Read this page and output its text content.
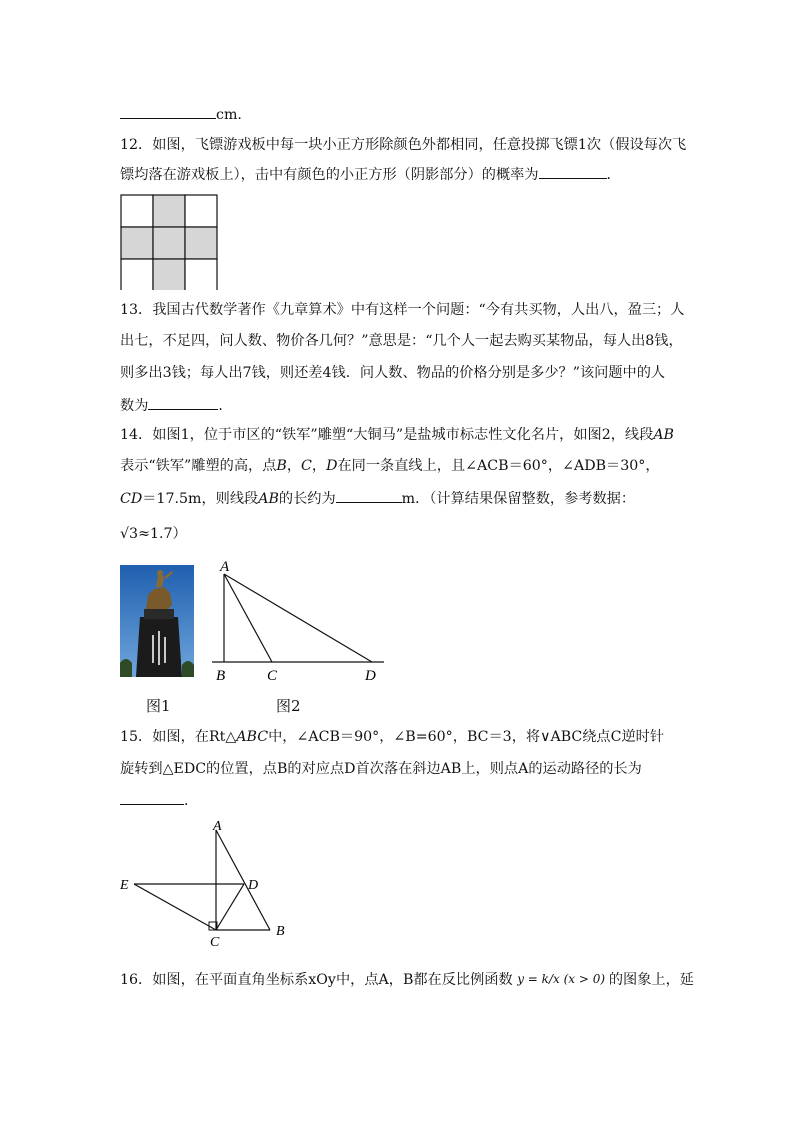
cm.
12．如图，飞镖游戏板中每一块小正方形除颜色外都相同，任意投掷飞镖1次（假设每次飞
镖均落在游戏板上），击中有颜色的小正方形（阴影部分）的概率为	．
13．我国古代数学著作《九章算术》中有这样一个问题：“今有共买物，人出八，盈三；人
出七，不足四，问人数、物价各几何？”意思是：“几个人一起去购买某物品，每人出8钱，
则多出3钱；每人出7钱，则还差4钱．问人数、物品的价格分别是多少？”该问题中的人
数为	．
14．如图1，位于市区的“铁军”雕塑“大铜马”是盐城市标志性文化名片，如图2，线段AB
表示“铁军”雕塑的高，点B，C，D在同一条直线上，且∠ACB＝60°，∠ADB＝30°，
CD＝17.5m，则线段AB的长约为	m．（计算结果保留整数，参考数据：
√3≈1.7）
A
B	C	D
图1	图2
15．如图，在Rt△ABC中，∠ACB＝90°，∠B=60°，BC＝3，将∨ABC绕点C逆时针
旋转到△EDC的位置，点B的对应点D首次落在斜边AB上，则点A的运动路径的长为
．
A
E	D
C
B
16．如图，在平面直角坐标系xOy中，点A，B都在反比例函数 y = k/x (x > 0) 的图象上，延
